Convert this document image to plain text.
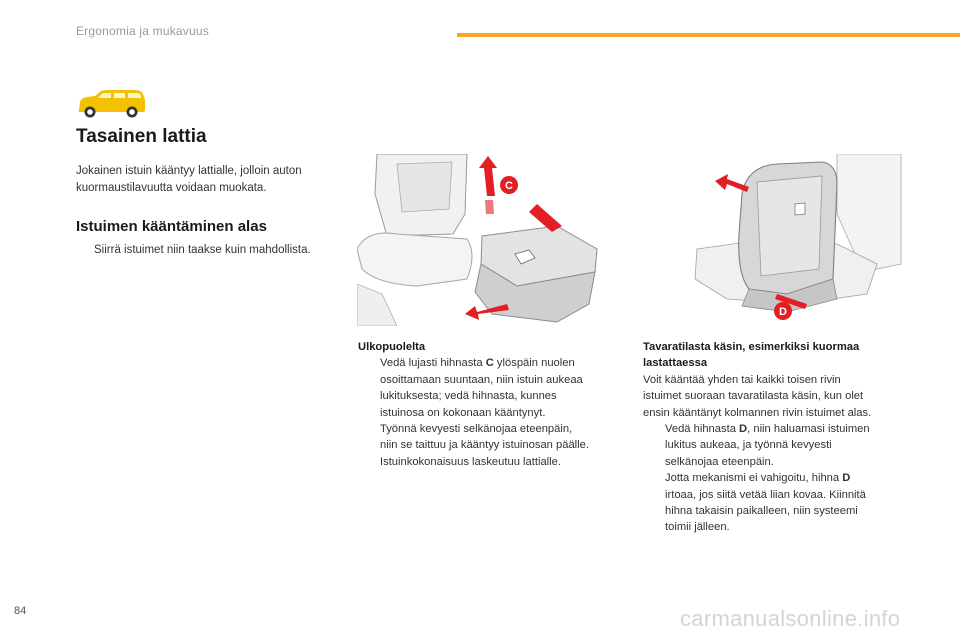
Ergonomia ja mukavuus
Tasainen lattia
Jokainen istuin kääntyy lattialle, jolloin auton
kuormaustilavuutta voidaan muokata.
Istuimen kääntäminen alas
Siirrä istuimet niin taakse kuin mahdollista.
C
D
Ulkopuolelta
Vedä lujasti hihnasta C ylöspäin nuolen
osoittamaan suuntaan, niin istuin aukeaa
lukituksesta; vedä hihnasta, kunnes
istuinosa on kokonaan kääntynyt.
Työnnä kevyesti selkänojaa eteenpäin,
niin se taittuu ja kääntyy istuinosan päälle.
Istuinkokonaisuus laskeutuu lattialle.
Tavaratilasta käsin, esimerkiksi kuormaa
lastattaessa
Voit kääntää yhden tai kaikki toisen rivin
istuimet suoraan tavaratilasta käsin, kun olet
ensin kääntänyt kolmannen rivin istuimet alas.
Vedä hihnasta D, niin haluamasi istuimen
lukitus aukeaa, ja työnnä kevyesti
selkänojaa eteenpäin.
Jotta mekanismi ei vahigoitu, hihna D
irtoaa, jos siitä vetää liian kovaa. Kiinnitä
hihna takaisin paikalleen, niin systeemi
toimii jälleen.
84	carmanualsonline.info
